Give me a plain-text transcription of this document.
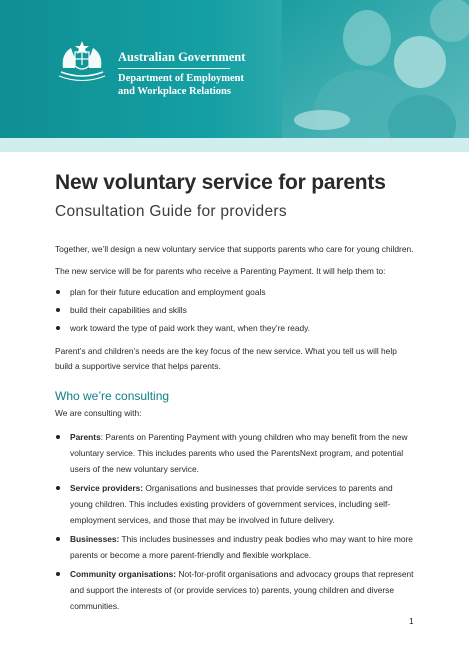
Australian Government
Department of Employment
and Workplace Relations
New voluntary service for parents
Consultation Guide for providers

Together, we’ll design a new voluntary service that supports parents who care for young children.

The new service will be for parents who receive a Parenting Payment. It will help them to:

plan for their future education and employment goals
build their capabilities and skills
work toward the type of paid work they want, when they’re ready.

Parent’s and children’s needs are the key focus of the new service. What you tell us will help build a supportive service that helps parents.

Who we’re consulting

We are consulting with:

Parents: Parents on Parenting Payment with young children who may benefit from the new voluntary service. This includes parents who used the ParentsNext program, and potential users of the new voluntary service.
Service providers: Organisations and businesses that provide services to parents and young children. This includes existing providers of government services, including self-employment services, and those that may be involved in future delivery.
Businesses: This includes businesses and industry peak bodies who may want to hire more parents or become a more parent-friendly and flexible workplace.
Community organisations: Not-for-profit organisations and advocacy groups that represent and support the interests of (or provide services to) parents, young children and diverse communities.
1
